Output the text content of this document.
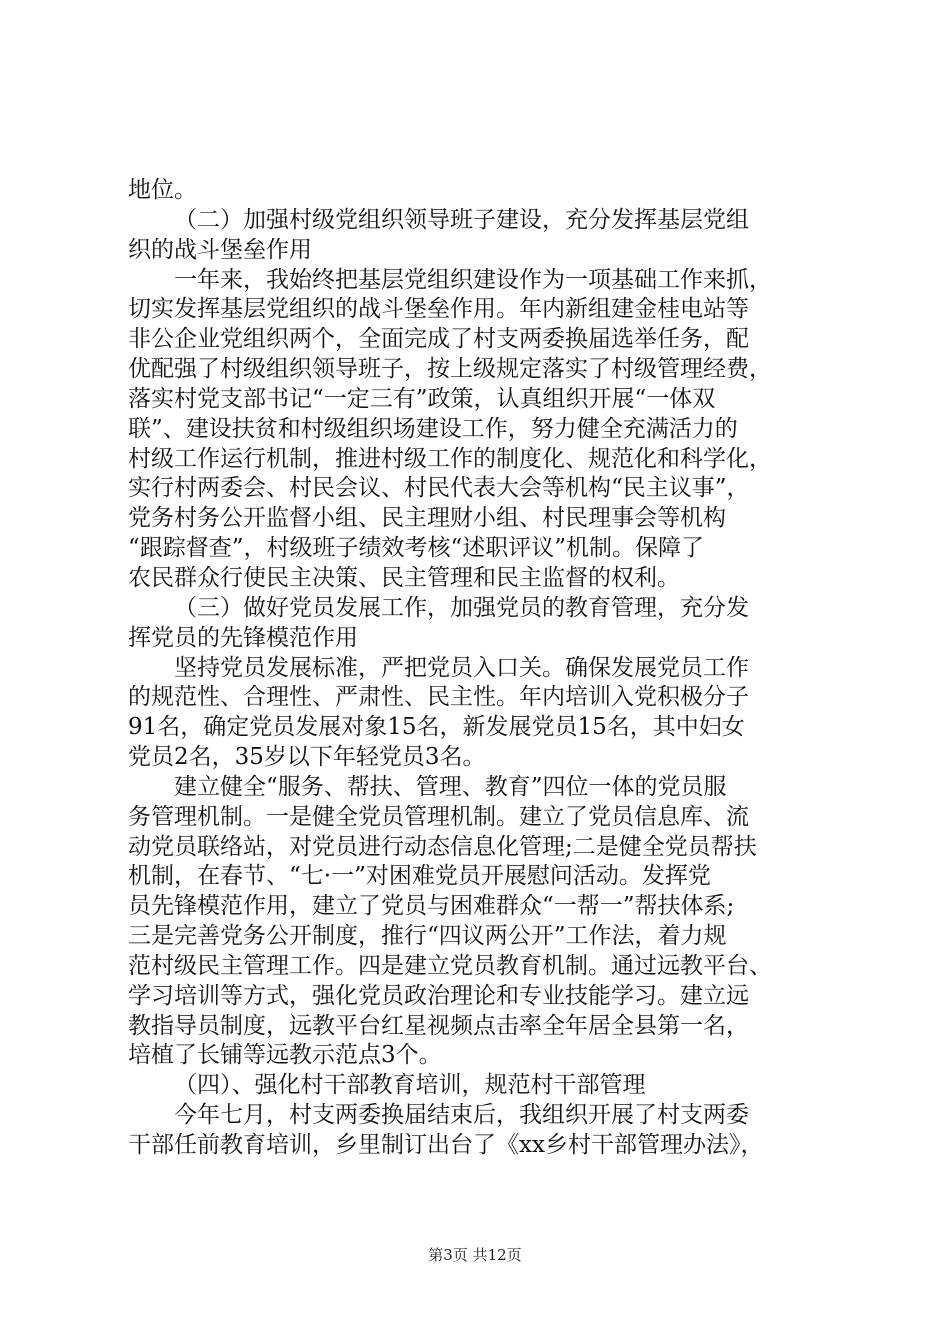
地位。
（二）加强村级党组织领导班子建设，充分发挥基层党组
织的战斗堡垒作用
一年来，我始终把基层党组织建设作为一项基础工作来抓，
切实发挥基层党组织的战斗堡垒作用。年内新组建金桂电站等
非公企业党组织两个，全面完成了村支两委换届选举任务，配
优配强了村级组织领导班子，按上级规定落实了村级管理经费，
落实村党支部书记“一定三有”政策，认真组织开展“一体双
联”、建设扶贫和村级组织场建设工作，努力健全充满活力的
村级工作运行机制，推进村级工作的制度化、规范化和科学化，
实行村两委会、村民会议、村民代表大会等机构“民主议事”，
党务村务公开监督小组、民主理财小组、村民理事会等机构
“跟踪督查”，村级班子绩效考核“述职评议”机制。保障了
农民群众行使民主决策、民主管理和民主监督的权利。
（三）做好党员发展工作，加强党员的教育管理，充分发
挥党员的先锋模范作用
坚持党员发展标准，严把党员入口关。确保发展党员工作
的规范性、合理性、严肃性、民主性。年内培训入党积极分子
91名，确定党员发展对象15名，新发展党员15名，其中妇女
党员2名，35岁以下年轻党员3名。
建立健全“服务、帮扶、管理、教育”四位一体的党员服
务管理机制。一是健全党员管理机制。建立了党员信息库、流
动党员联络站，对党员进行动态信息化管理;二是健全党员帮扶
机制，在春节、“七·一”对困难党员开展慰问活动。发挥党
员先锋模范作用，建立了党员与困难群众“一帮一”帮扶体系;
三是完善党务公开制度，推行“四议两公开”工作法，着力规
范村级民主管理工作。四是建立党员教育机制。通过远教平台、
学习培训等方式，强化党员政治理论和专业技能学习。建立远
教指导员制度，远教平台红星视频点击率全年居全县第一名，
培植了长铺等远教示范点3个。
（四）、强化村干部教育培训，规范村干部管理
今年七月，村支两委换届结束后，我组织开展了村支两委
干部任前教育培训，乡里制订出台了《xx乡村干部管理办法》，
第3页 共12页
